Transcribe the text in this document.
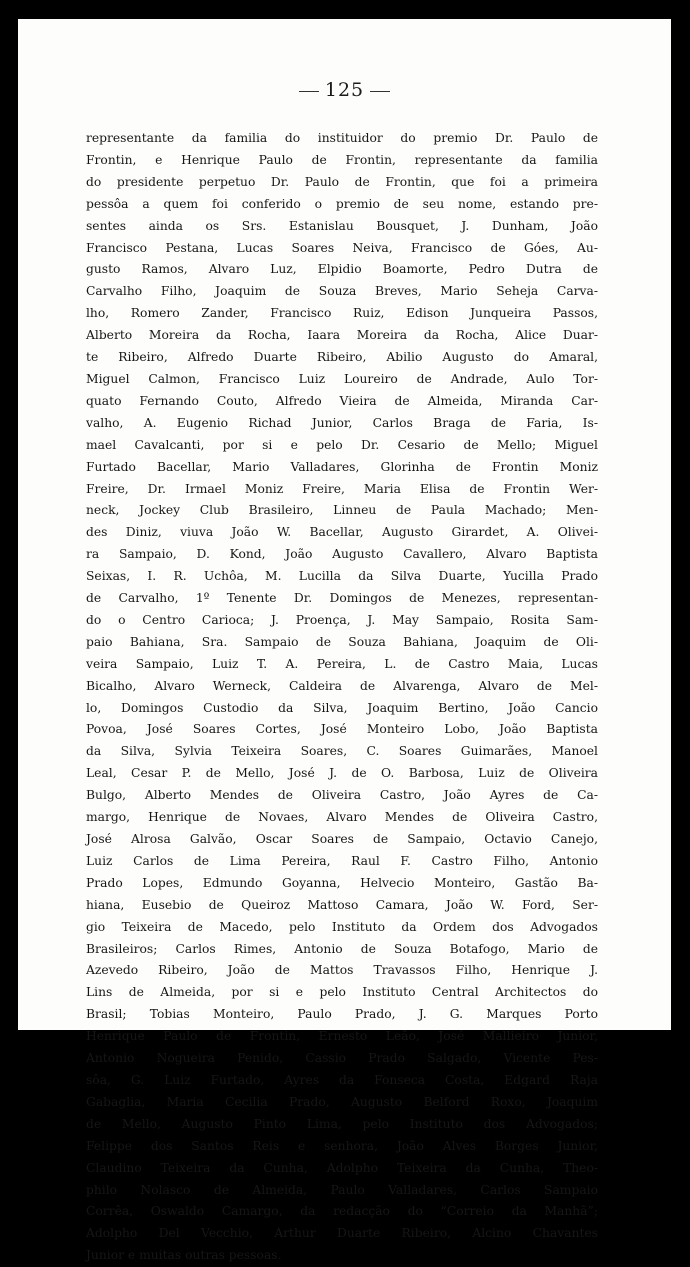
125

representante da familia do instituidor do premio Dr. Paulo de
Frontin, e Henrique Paulo de Frontin, representante da familia
do presidente perpetuo Dr. Paulo de Frontin, que foi a primeira
pessôa a quem foi conferido o premio de seu nome, estando pre-
sentes ainda os Srs. Estanislau Bousquet, J. Dunham, João
Francisco Pestana, Lucas Soares Neiva, Francisco de Góes, Au-
gusto Ramos, Alvaro Luz, Elpidio Boamorte, Pedro Dutra de
Carvalho Filho, Joaquim de Souza Breves, Mario Seheja Carva-
lho, Romero Zander, Francisco Ruiz, Edison Junqueira Passos,
Alberto Moreira da Rocha, Iaara Moreira da Rocha, Alice Duar-
te Ribeiro, Alfredo Duarte Ribeiro, Abilio Augusto do Amaral,
Miguel Calmon, Francisco Luiz Loureiro de Andrade, Aulo Tor-
quato Fernando Couto, Alfredo Vieira de Almeida, Miranda Car-
valho, A. Eugenio Richad Junior, Carlos Braga de Faria, Is-
mael Cavalcanti, por si e pelo Dr. Cesario de Mello; Miguel
Furtado Bacellar, Mario Valladares, Glorinha de Frontin Moniz
Freire, Dr. Irmael Moniz Freire, Maria Elisa de Frontin Wer-
neck, Jockey Club Brasileiro, Linneu de Paula Machado; Men-
des Diniz, viuva João W. Bacellar, Augusto Girardet, A. Olivei-
ra Sampaio, D. Kond, João Augusto Cavallero, Alvaro Baptista
Seixas, I. R. Uchôa, M. Lucilla da Silva Duarte, Yucilla Prado
de Carvalho, 1º Tenente Dr. Domingos de Menezes, representan-
do o Centro Carioca; J. Proença, J. May Sampaio, Rosita Sam-
paio Bahiana, Sra. Sampaio de Souza Bahiana, Joaquim de Oli-
veira Sampaio, Luiz T. A. Pereira, L. de Castro Maia, Lucas
Bicalho, Alvaro Werneck, Caldeira de Alvarenga, Alvaro de Mel-
lo, Domingos Custodio da Silva, Joaquim Bertino, João Cancio
Povoa, José Soares Cortes, José Monteiro Lobo, João Baptista
da Silva, Sylvia Teixeira Soares, C. Soares Guimarães, Manoel
Leal, Cesar P. de Mello, José J. de O. Barbosa, Luiz de Oliveira
Bulgo, Alberto Mendes de Oliveira Castro, João Ayres de Ca-
margo, Henrique de Novaes, Alvaro Mendes de Oliveira Castro,
José Alrosa Galvão, Oscar Soares de Sampaio, Octavio Canejo,
Luiz Carlos de Lima Pereira, Raul F. Castro Filho, Antonio
Prado Lopes, Edmundo Goyanna, Helvecio Monteiro, Gastão Ba-
hiana, Eusebio de Queiroz Mattoso Camara, João W. Ford, Ser-
gio Teixeira de Macedo, pelo Instituto da Ordem dos Advogados
Brasileiros; Carlos Rimes, Antonio de Souza Botafogo, Mario de
Azevedo Ribeiro, João de Mattos Travassos Filho, Henrique J.
Lins de Almeida, por si e pelo Instituto Central Architectos do
Brasil; Tobias Monteiro, Paulo Prado, J. G. Marques Porto
Henrique Paulo de Frontin, Ernesto Leão, José Mallieiro Junior,
Antonio Nogueira Penido, Cassio Prado Salgado, Vicente Pes-
sôa, G. Luiz Furtado, Ayres da Fonseca Costa, Edgard Raja
Gabaglia, Maria Cecilia Prado, Augusto Belford Roxo, Joaquim
de Mello, Augusto Pinto Lima, pelo Instituto dos Advogados;
Felippe dos Santos Reis e senhora, João Alves Borges Junior,
Claudino Teixeira da Cunha, Adolpho Teixeira da Cunha, Theo-
philo Nolasco de Almeida, Paulo Valladares, Carlos Sampaio
Corrêa, Oswaldo Camargo, da redacção do “Correio da Manhã”;
Adolpho Del Vecchio, Arthur Duarte Ribeiro, Alcino Chavantes
Junior e muitas outras pessoas.
